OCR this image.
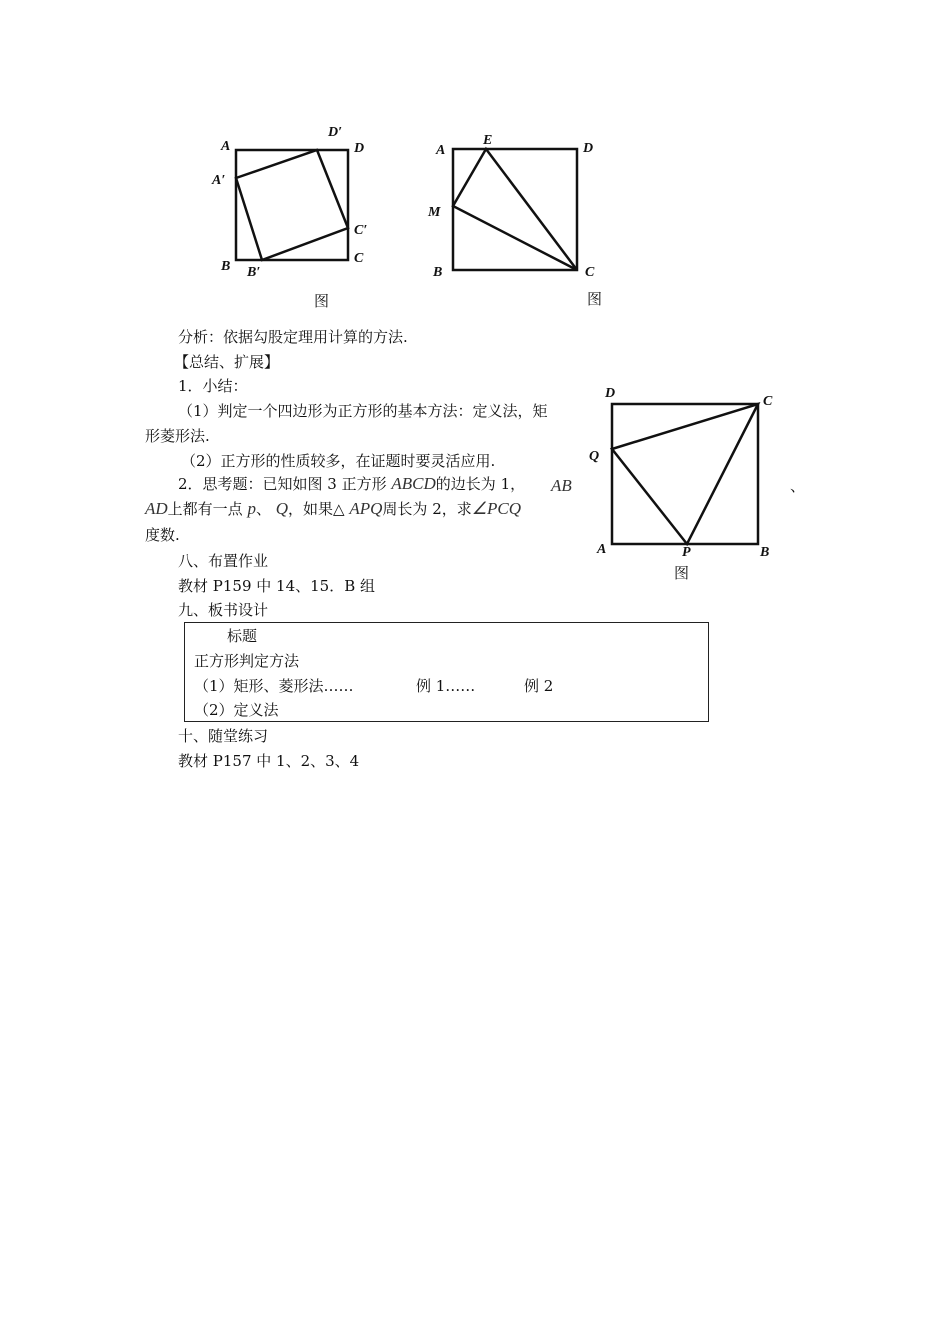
A
D′
D
A′
C′
B B′
C
图
A
E
D
M
B	C
图
D
C
Q
A	P	B
图
分析：依据勾股定理用计算的方法.
【总结、扩展】
1．小结：
（1）判定一个四边形为正方形的基本方法：定义法，矩
形菱形法.
（2）正方形的性质较多，在证题时要灵活应用.
2．思考题：已知如图 3 正方形 ABCD的边长为 1， AB	、
AD上都有一点 p、 Q，如果△ APQ周长为 2，求∠PCQ
度数.
八、布置作业
教材 P159 中 14、15．B 组
九、板书设计
标题
正方形判定方法
（1）矩形、菱形法……	例 1……	例 2
（2）定义法
十、随堂练习
教材 P157 中 1、2、3、4
